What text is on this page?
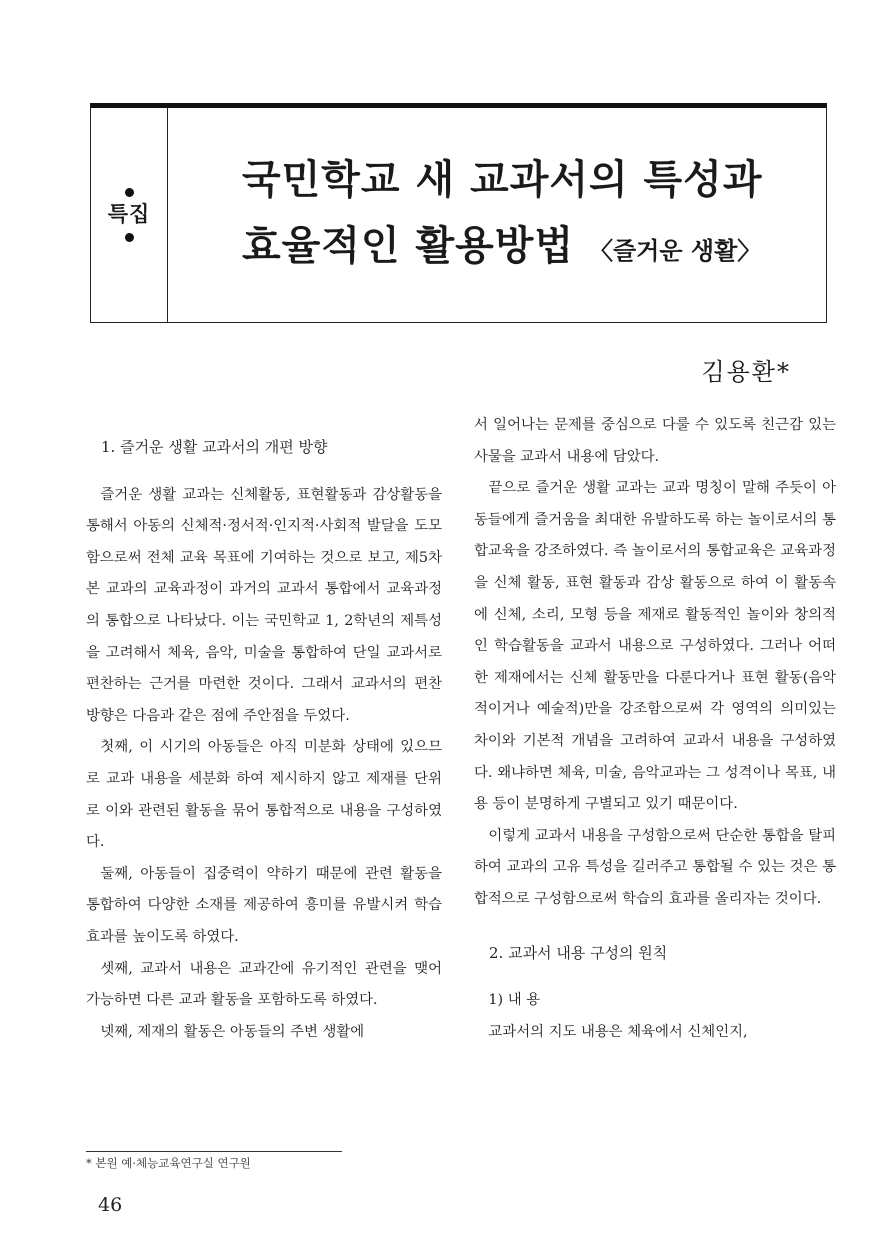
특집
국민학교 새 교과서의 특성과
효율적인 활용방법 〈즐거운 생활〉
김용환*

1. 즐거운 생활 교과서의 개편 방향

즐거운 생활 교과는 신체활동, 표현활동과 감상활동을 통해서 아동의 신체적·정서적·인지적·사회적 발달을 도모함으로써 전체 교육 목표에 기여하는 것으로 보고, 제5차 본 교과의 교육과정이 과거의 교과서 통합에서 교육과정의 통합으로 나타났다. 이는 국민학교 1, 2학년의 제특성을 고려해서 체육, 음악, 미술을 통합하여 단일 교과서로 편찬하는 근거를 마련한 것이다. 그래서 교과서의 편찬 방향은 다음과 같은 점에 주안점을 두었다.

첫째, 이 시기의 아동들은 아직 미분화 상태에 있으므로 교과 내용을 세분화 하여 제시하지 않고 제재를 단위로 이와 관련된 활동을 묶어 통합적으로 내용을 구성하였다.

둘째, 아동들이 집중력이 약하기 때문에 관련 활동을 통합하여 다양한 소재를 제공하여 흥미를 유발시켜 학습효과를 높이도록 하였다.

셋째, 교과서 내용은 교과간에 유기적인 관련을 맺어 가능하면 다른 교과 활동을 포함하도록 하였다.

넷째, 제재의 활동은 아동들의 주변 생활에

서 일어나는 문제를 중심으로 다룰 수 있도록 친근감 있는 사물을 교과서 내용에 담았다.

끝으로 즐거운 생활 교과는 교과 명칭이 말해 주듯이 아동들에게 즐거움을 최대한 유발하도록 하는 놀이로서의 통합교육을 강조하였다. 즉 놀이로서의 통합교육은 교육과정을 신체 활동, 표현 활동과 감상 활동으로 하여 이 활동속에 신체, 소리, 모형 등을 제재로 활동적인 놀이와 창의적인 학습활동을 교과서 내용으로 구성하였다. 그러나 어떠한 제재에서는 신체 활동만을 다룬다거나 표현 활동(음악적이거나 예술적)만을 강조함으로써 각 영역의 의미있는 차이와 기본적 개념을 고려하여 교과서 내용을 구성하였다. 왜냐하면 체육, 미술, 음악교과는 그 성격이나 목표, 내용 등이 분명하게 구별되고 있기 때문이다.

이렇게 교과서 내용을 구성함으로써 단순한 통합을 탈피하여 교과의 고유 특성을 길러주고 통합될 수 있는 것은 통합적으로 구성함으로써 학습의 효과를 올리자는 것이다.

2. 교과서 내용 구성의 원칙

1) 내 용

교과서의 지도 내용은 체육에서 신체인지,

* 본원 예·체능교육연구실 연구원
46
